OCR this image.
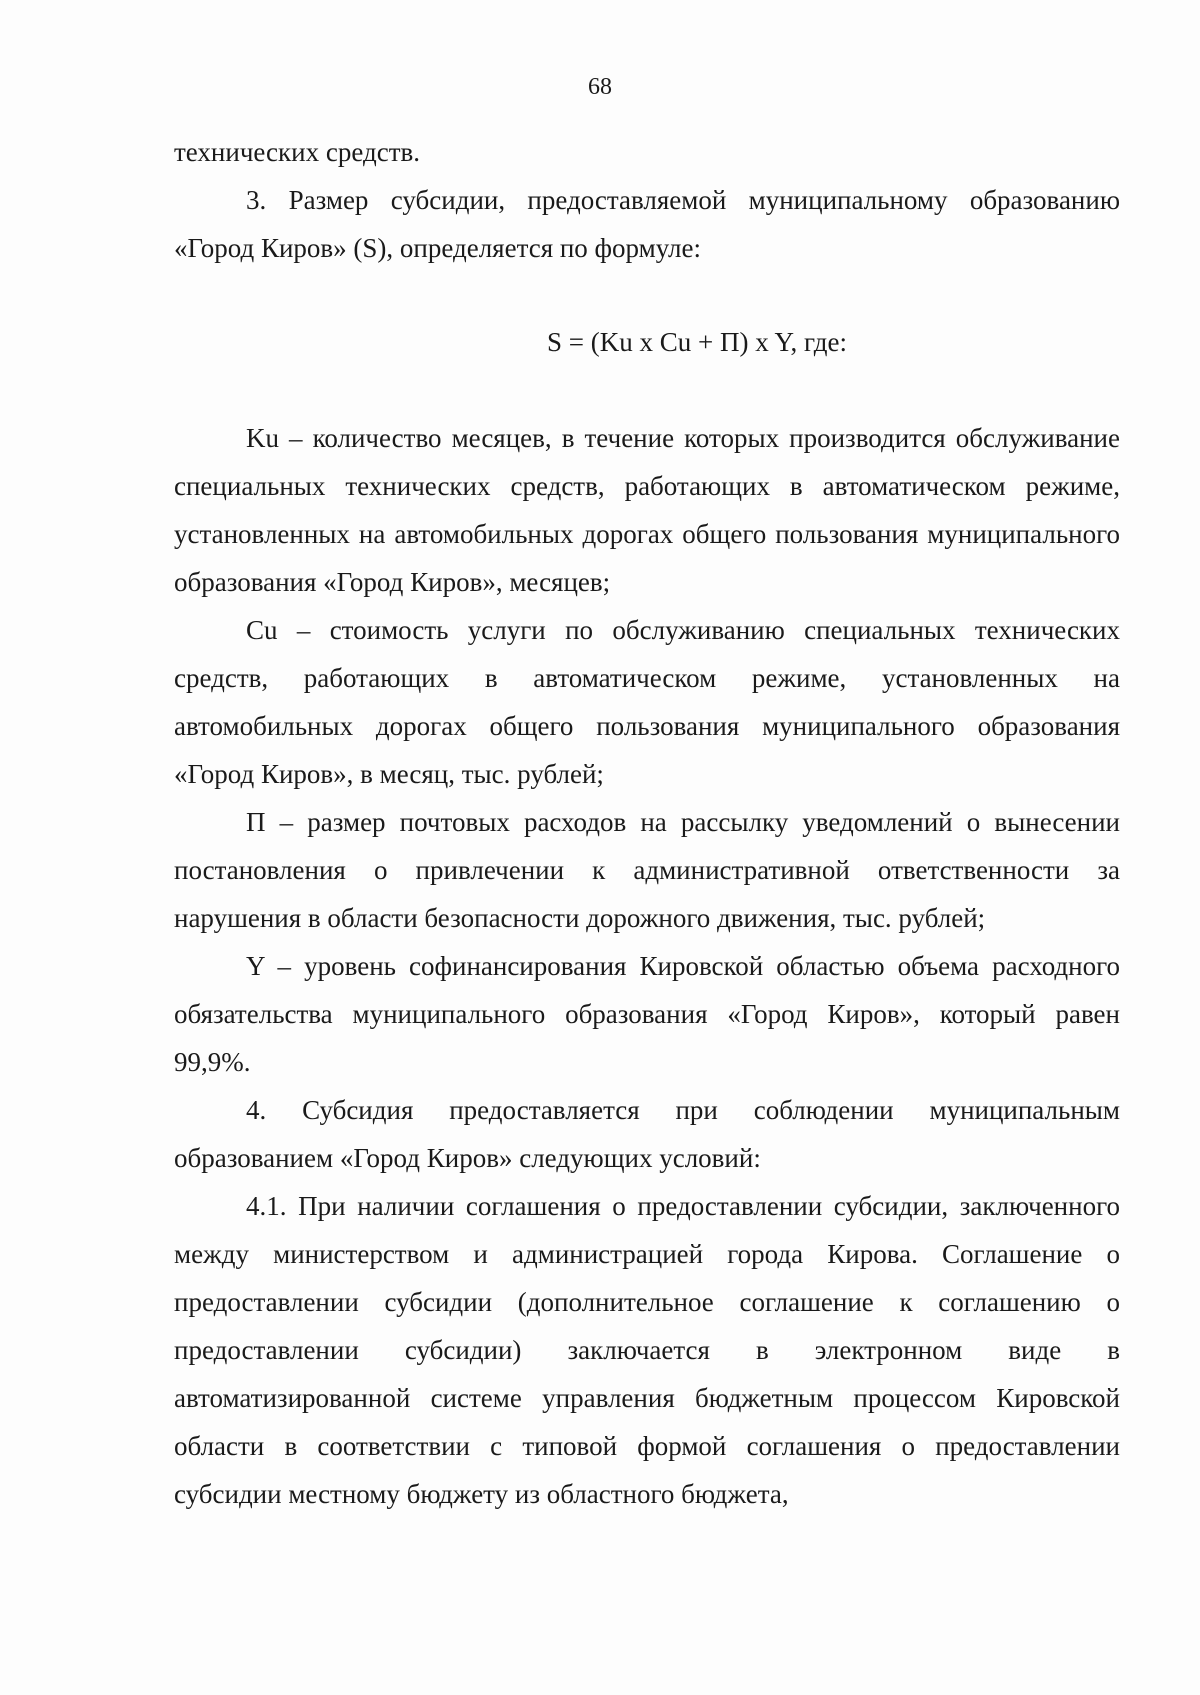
68

технических средств.

3. Размер субсидии, предоставляемой муниципальному образованию «Город Киров» (S), определяется по формуле:

S = (Ku x Cu + П) x Y, где:

Ku – количество месяцев, в течение которых производится обслуживание специальных технических средств, работающих в автоматическом режиме, установленных на автомобильных дорогах общего пользования муниципального образования «Город Киров», месяцев;

Cu – стоимость услуги по обслуживанию специальных технических средств, работающих в автоматическом режиме, установленных на автомобильных дорогах общего пользования муниципального образования «Город Киров», в месяц, тыс. рублей;

П – размер почтовых расходов на рассылку уведомлений о вынесении постановления о привлечении к административной ответственности за нарушения в области безопасности дорожного движения, тыс. рублей;

Y – уровень софинансирования Кировской областью объема расходного обязательства муниципального образования «Город Киров», который равен 99,9%.

4. Субсидия предоставляется при соблюдении муниципальным образованием «Город Киров» следующих условий:

4.1. При наличии соглашения о предоставлении субсидии, заключенного между министерством и администрацией города Кирова. Соглашение о предоставлении субсидии (дополнительное соглашение к соглашению о предоставлении субсидии) заключается в электронном виде в автоматизированной системе управления бюджетным процессом Кировской области в соответствии с типовой формой соглашения о предоставлении субсидии местному бюджету из областного бюджета,
